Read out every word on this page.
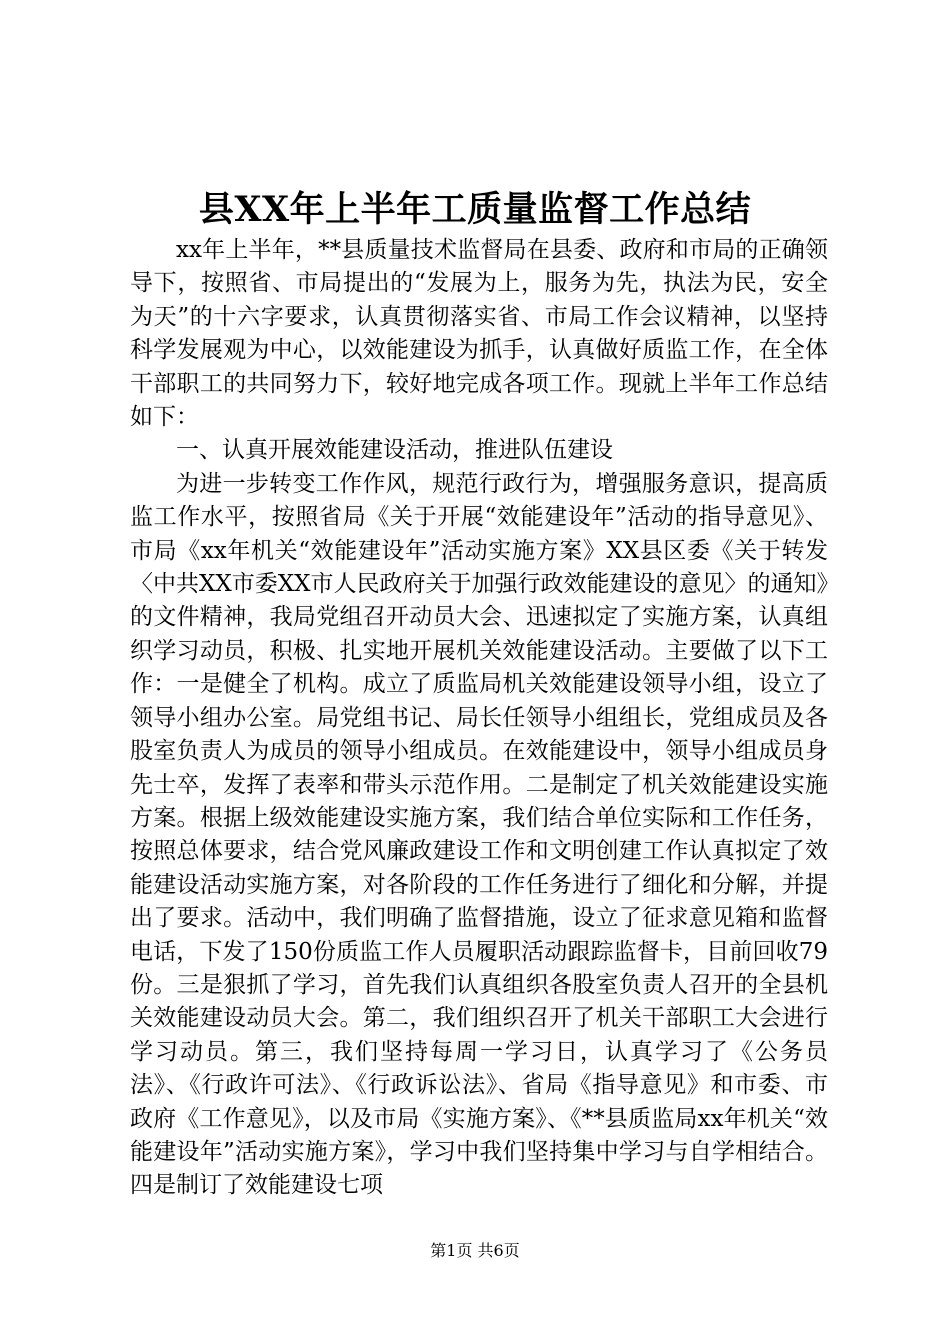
县XX年上半年工质量监督工作总结

xx年上半年，**县质量技术监督局在县委、政府和市局的正确领导下，按照省、市局提出的“发展为上，服务为先，执法为民，安全为天”的十六字要求，认真贯彻落实省、市局工作会议精神，以坚持科学发展观为中心，以效能建设为抓手，认真做好质监工作，在全体干部职工的共同努力下，较好地完成各项工作。现就上半年工作总结如下：

一、认真开展效能建设活动，推进队伍建设

为进一步转变工作作风，规范行政行为，增强服务意识，提高质监工作水平，按照省局《关于开展“效能建设年”活动的指导意见》、市局《xx年机关“效能建设年”活动实施方案》XX县区委《关于转发〈中共XX市委XX市人民政府关于加强行政效能建设的意见〉的通知》的文件精神，我局党组召开动员大会、迅速拟定了实施方案，认真组织学习动员，积极、扎实地开展机关效能建设活动。主要做了以下工作：一是健全了机构。成立了质监局机关效能建设领导小组，设立了领导小组办公室。局党组书记、局长任领导小组组长，党组成员及各股室负责人为成员的领导小组成员。在效能建设中，领导小组成员身先士卒，发挥了表率和带头示范作用。二是制定了机关效能建设实施方案。根据上级效能建设实施方案，我们结合单位实际和工作任务，按照总体要求，结合党风廉政建设工作和文明创建工作认真拟定了效能建设活动实施方案，对各阶段的工作任务进行了细化和分解，并提出了要求。活动中，我们明确了监督措施，设立了征求意见箱和监督电话，下发了150份质监工作人员履职活动跟踪监督卡，目前回收79份。三是狠抓了学习，首先我们认真组织各股室负责人召开的全县机关效能建设动员大会。第二，我们组织召开了机关干部职工大会进行学习动员。第三，我们坚持每周一学习日，认真学习了《公务员法》、《行政许可法》、《行政诉讼法》、省局《指导意见》和市委、市政府《工作意见》，以及市局《实施方案》、《**县质监局xx年机关“效能建设年”活动实施方案》，学习中我们坚持集中学习与自学相结合。四是制订了效能建设七项

第1页 共6页
